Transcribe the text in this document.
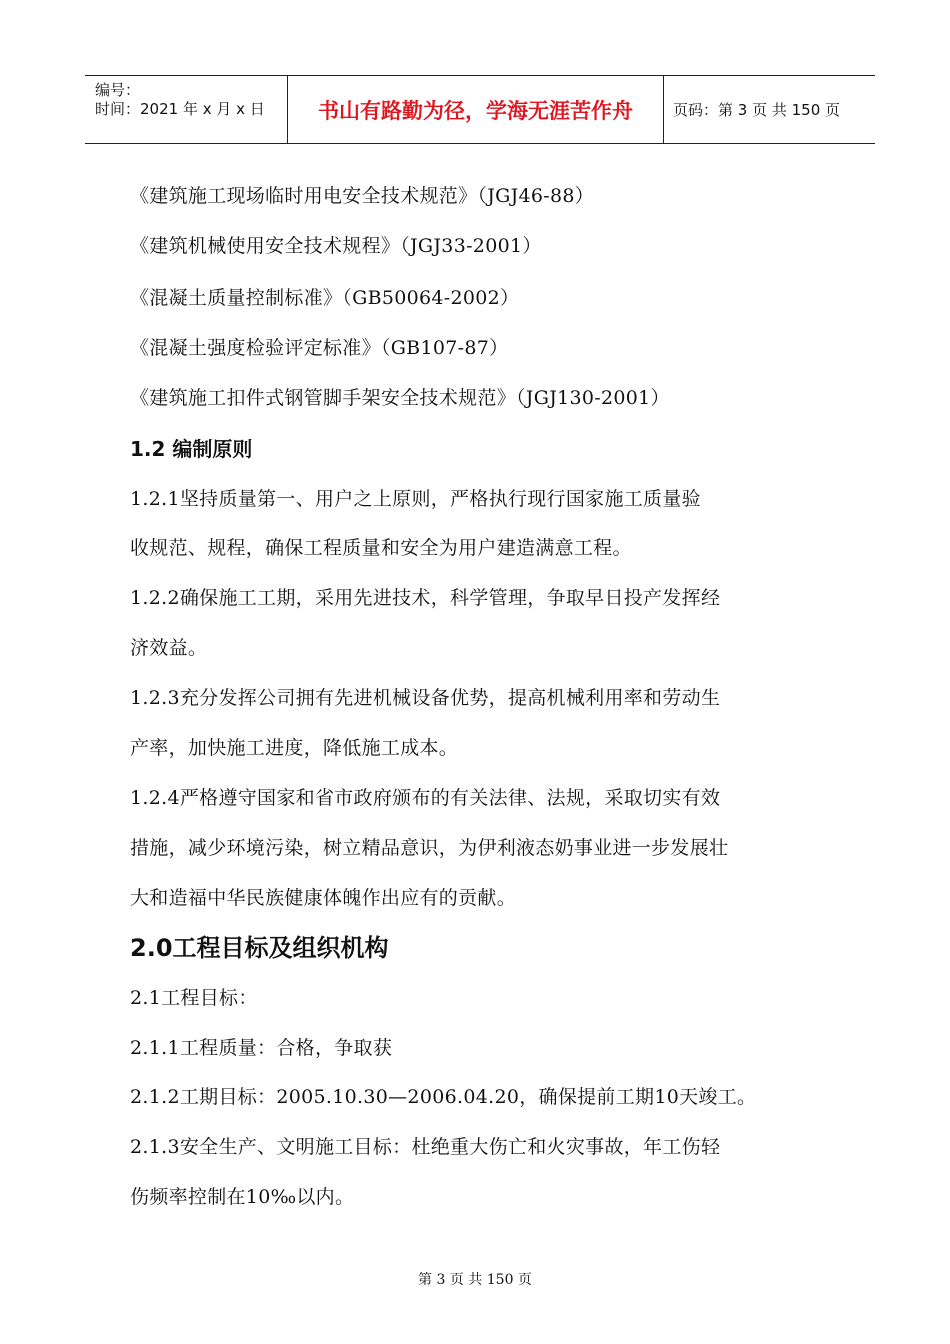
编号：
时间：2021 年 x 月 x 日	书山有路勤为径，学海无涯苦作舟	页码：第 3 页 共 150 页
《建筑施工现场临时用电安全技术规范》（JGJ46-88）
《建筑机械使用安全技术规程》（JGJ33-2001）
《混凝土质量控制标准》（GB50064-2002）
《混凝土强度检验评定标准》（GB107-87）
《建筑施工扣件式钢管脚手架安全技术规范》（JGJ130-2001）
1.2 编制原则
1.2.1坚持质量第一、用户之上原则，严格执行现行国家施工质量验
收规范、规程，确保工程质量和安全为用户建造满意工程。
1.2.2确保施工工期，采用先进技术，科学管理，争取早日投产发挥经
济效益。
1.2.3充分发挥公司拥有先进机械设备优势，提高机械利用率和劳动生
产率，加快施工进度，降低施工成本。
1.2.4严格遵守国家和省市政府颁布的有关法律、法规，采取切实有效
措施，减少环境污染，树立精品意识，为伊利液态奶事业进一步发展壮
大和造福中华民族健康体魄作出应有的贡献。
2.0工程目标及组织机构
2.1工程目标：
2.1.1工程质量：合格，争取获
2.1.2工期目标：2005.10.30—2006.04.20，确保提前工期10天竣工。
2.1.3安全生产、文明施工目标：杜绝重大伤亡和火灾事故，年工伤轻
伤频率控制在10‰以内。
第 3 页 共 150 页
